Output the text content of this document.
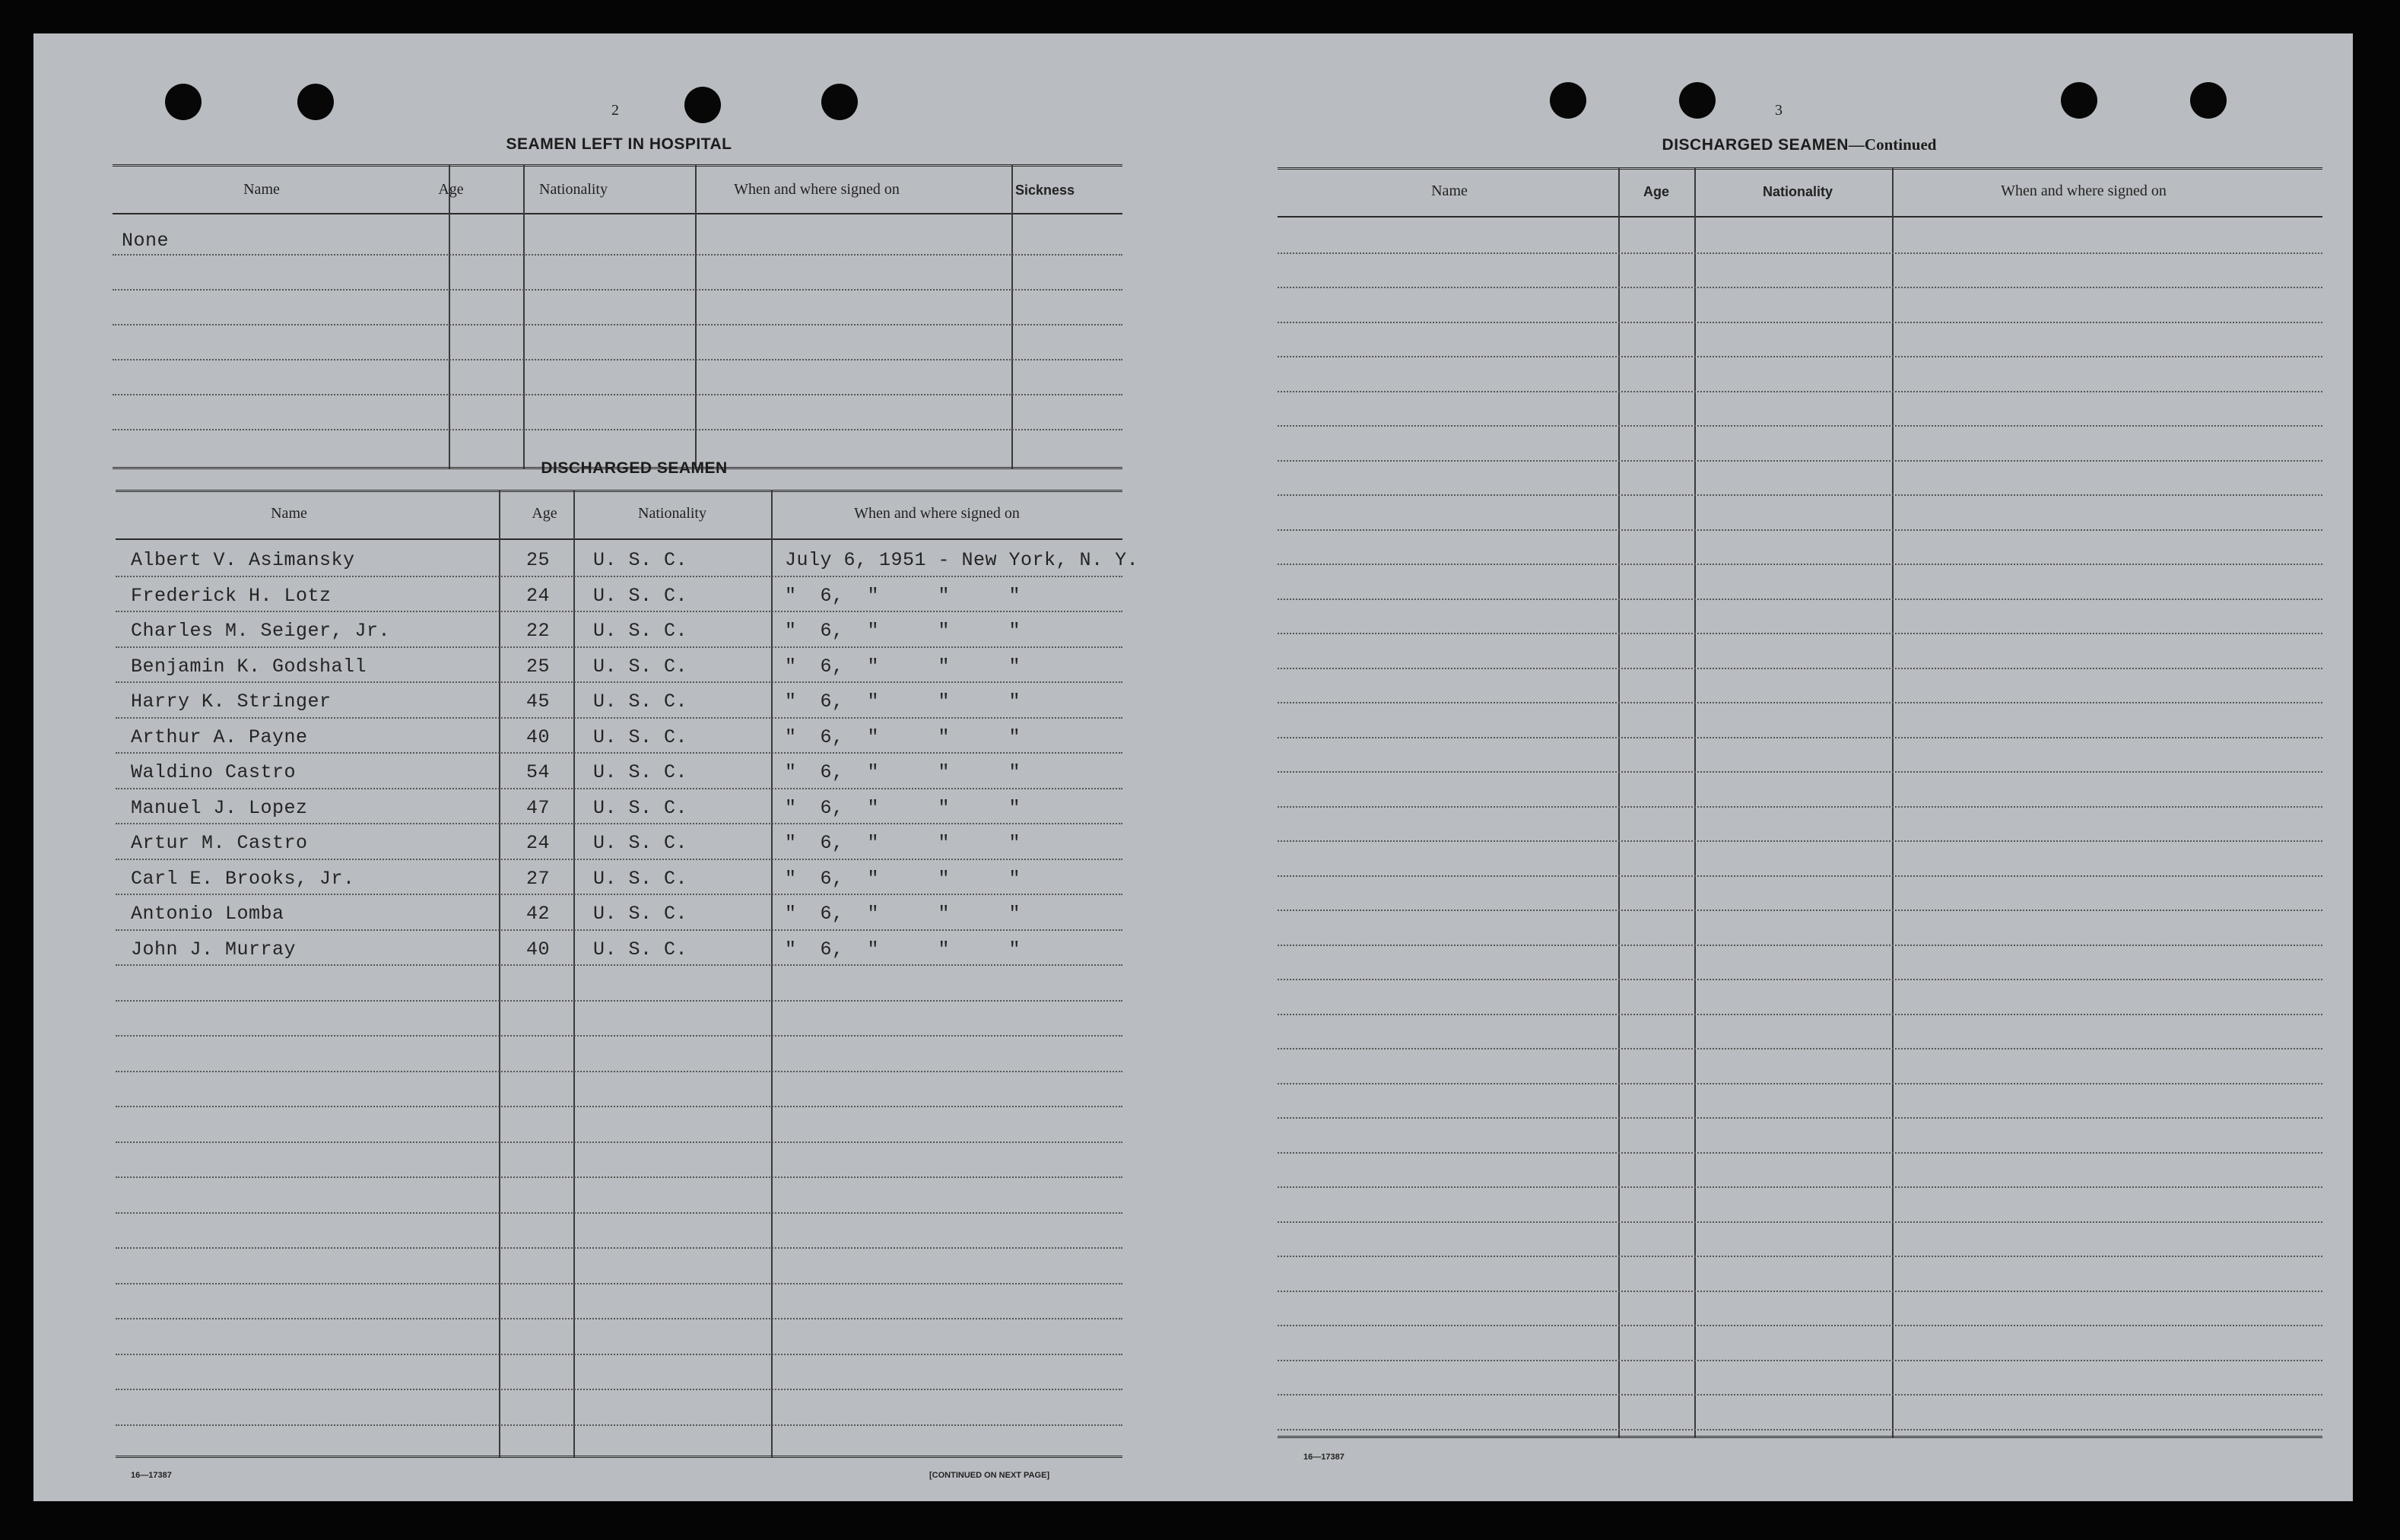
2
SEAMEN LEFT IN HOSPITAL
Name	Age	Nationality	When and where signed on	Sickness
None
DISCHARGED SEAMEN
Name	Age	Nationality	When and where signed on
Albert V. Asimansky	25 U. S. C.	July 6, 1951 - New York, N. Y.
Frederick H. Lotz	24 U. S. C.	"  6,  "     "     "
Charles M. Seiger, Jr.	22 U. S. C.	"  6,  "     "     "
Benjamin K. Godshall	25 U. S. C.	"  6,  "     "     "
Harry K. Stringer	45 U. S. C.	"  6,  "     "     "
Arthur A. Payne	40 U. S. C.	"  6,  "     "     "
Waldino Castro	54 U. S. C.	"  6,  "     "     "
Manuel J. Lopez	47 U. S. C.	"  6,  "     "     "
Artur M. Castro	24 U. S. C.	"  6,  "     "     "
Carl E. Brooks, Jr.	27 U. S. C.	"  6,  "     "     "
Antonio Lomba	42 U. S. C.	"  6,  "     "     "
John J. Murray	40 U. S. C.	"  6,  "     "     "
16—17387	[CONTINUED ON NEXT PAGE]
3
DISCHARGED SEAMEN—Continued
Name	Age	Nationality	When and where signed on
16—17387
